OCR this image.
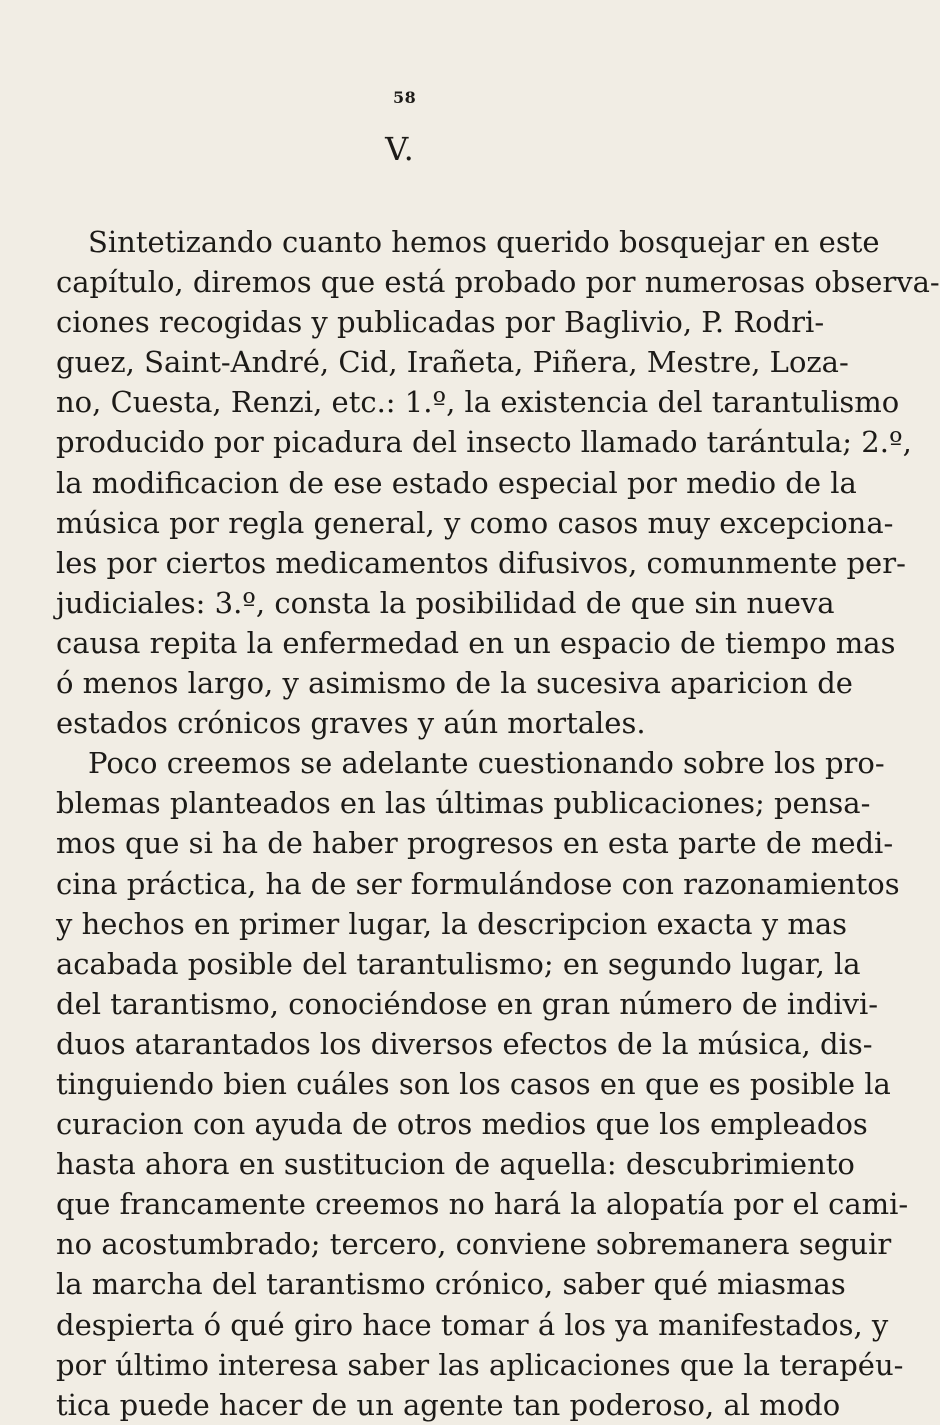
58
V.
Sintetizando cuanto hemos querido bosquejar en este
capítulo, diremos que está probado por numerosas observa-
ciones recogidas y publicadas por Baglivio, P. Rodri-
guez, Saint-André, Cid, Irañeta, Piñera, Mestre, Loza-
no, Cuesta, Renzi, etc.: 1.º, la existencia del tarantulismo
producido por picadura del insecto llamado tarántula; 2.º,
la modificacion de ese estado especial por medio de la
música por regla general, y como casos muy excepciona-
les por ciertos medicamentos difusivos, comunmente per-
judiciales: 3.º, consta la posibilidad de que sin nueva
causa repita la enfermedad en un espacio de tiempo mas
ó menos largo, y asimismo de la sucesiva aparicion de
estados crónicos graves y aún mortales.
Poco creemos se adelante cuestionando sobre los pro-
blemas planteados en las últimas publicaciones; pensa-
mos que si ha de haber progresos en esta parte de medi-
cina práctica, ha de ser formulándose con razonamientos
y hechos en primer lugar, la descripcion exacta y mas
acabada posible del tarantulismo; en segundo lugar, la
del tarantismo, conociéndose en gran número de indivi-
duos atarantados los diversos efectos de la música, dis-
tinguiendo bien cuáles son los casos en que es posible la
curacion con ayuda de otros medios que los empleados
hasta ahora en sustitucion de aquella: descubrimiento
que francamente creemos no hará la alopatía por el cami-
no acostumbrado; tercero, conviene sobremanera seguir
la marcha del tarantismo crónico, saber qué miasmas
despierta ó qué giro hace tomar á los ya manifestados, y
por último interesa saber las aplicaciones que la terapéu-
tica puede hacer de un agente tan poderoso, al modo
